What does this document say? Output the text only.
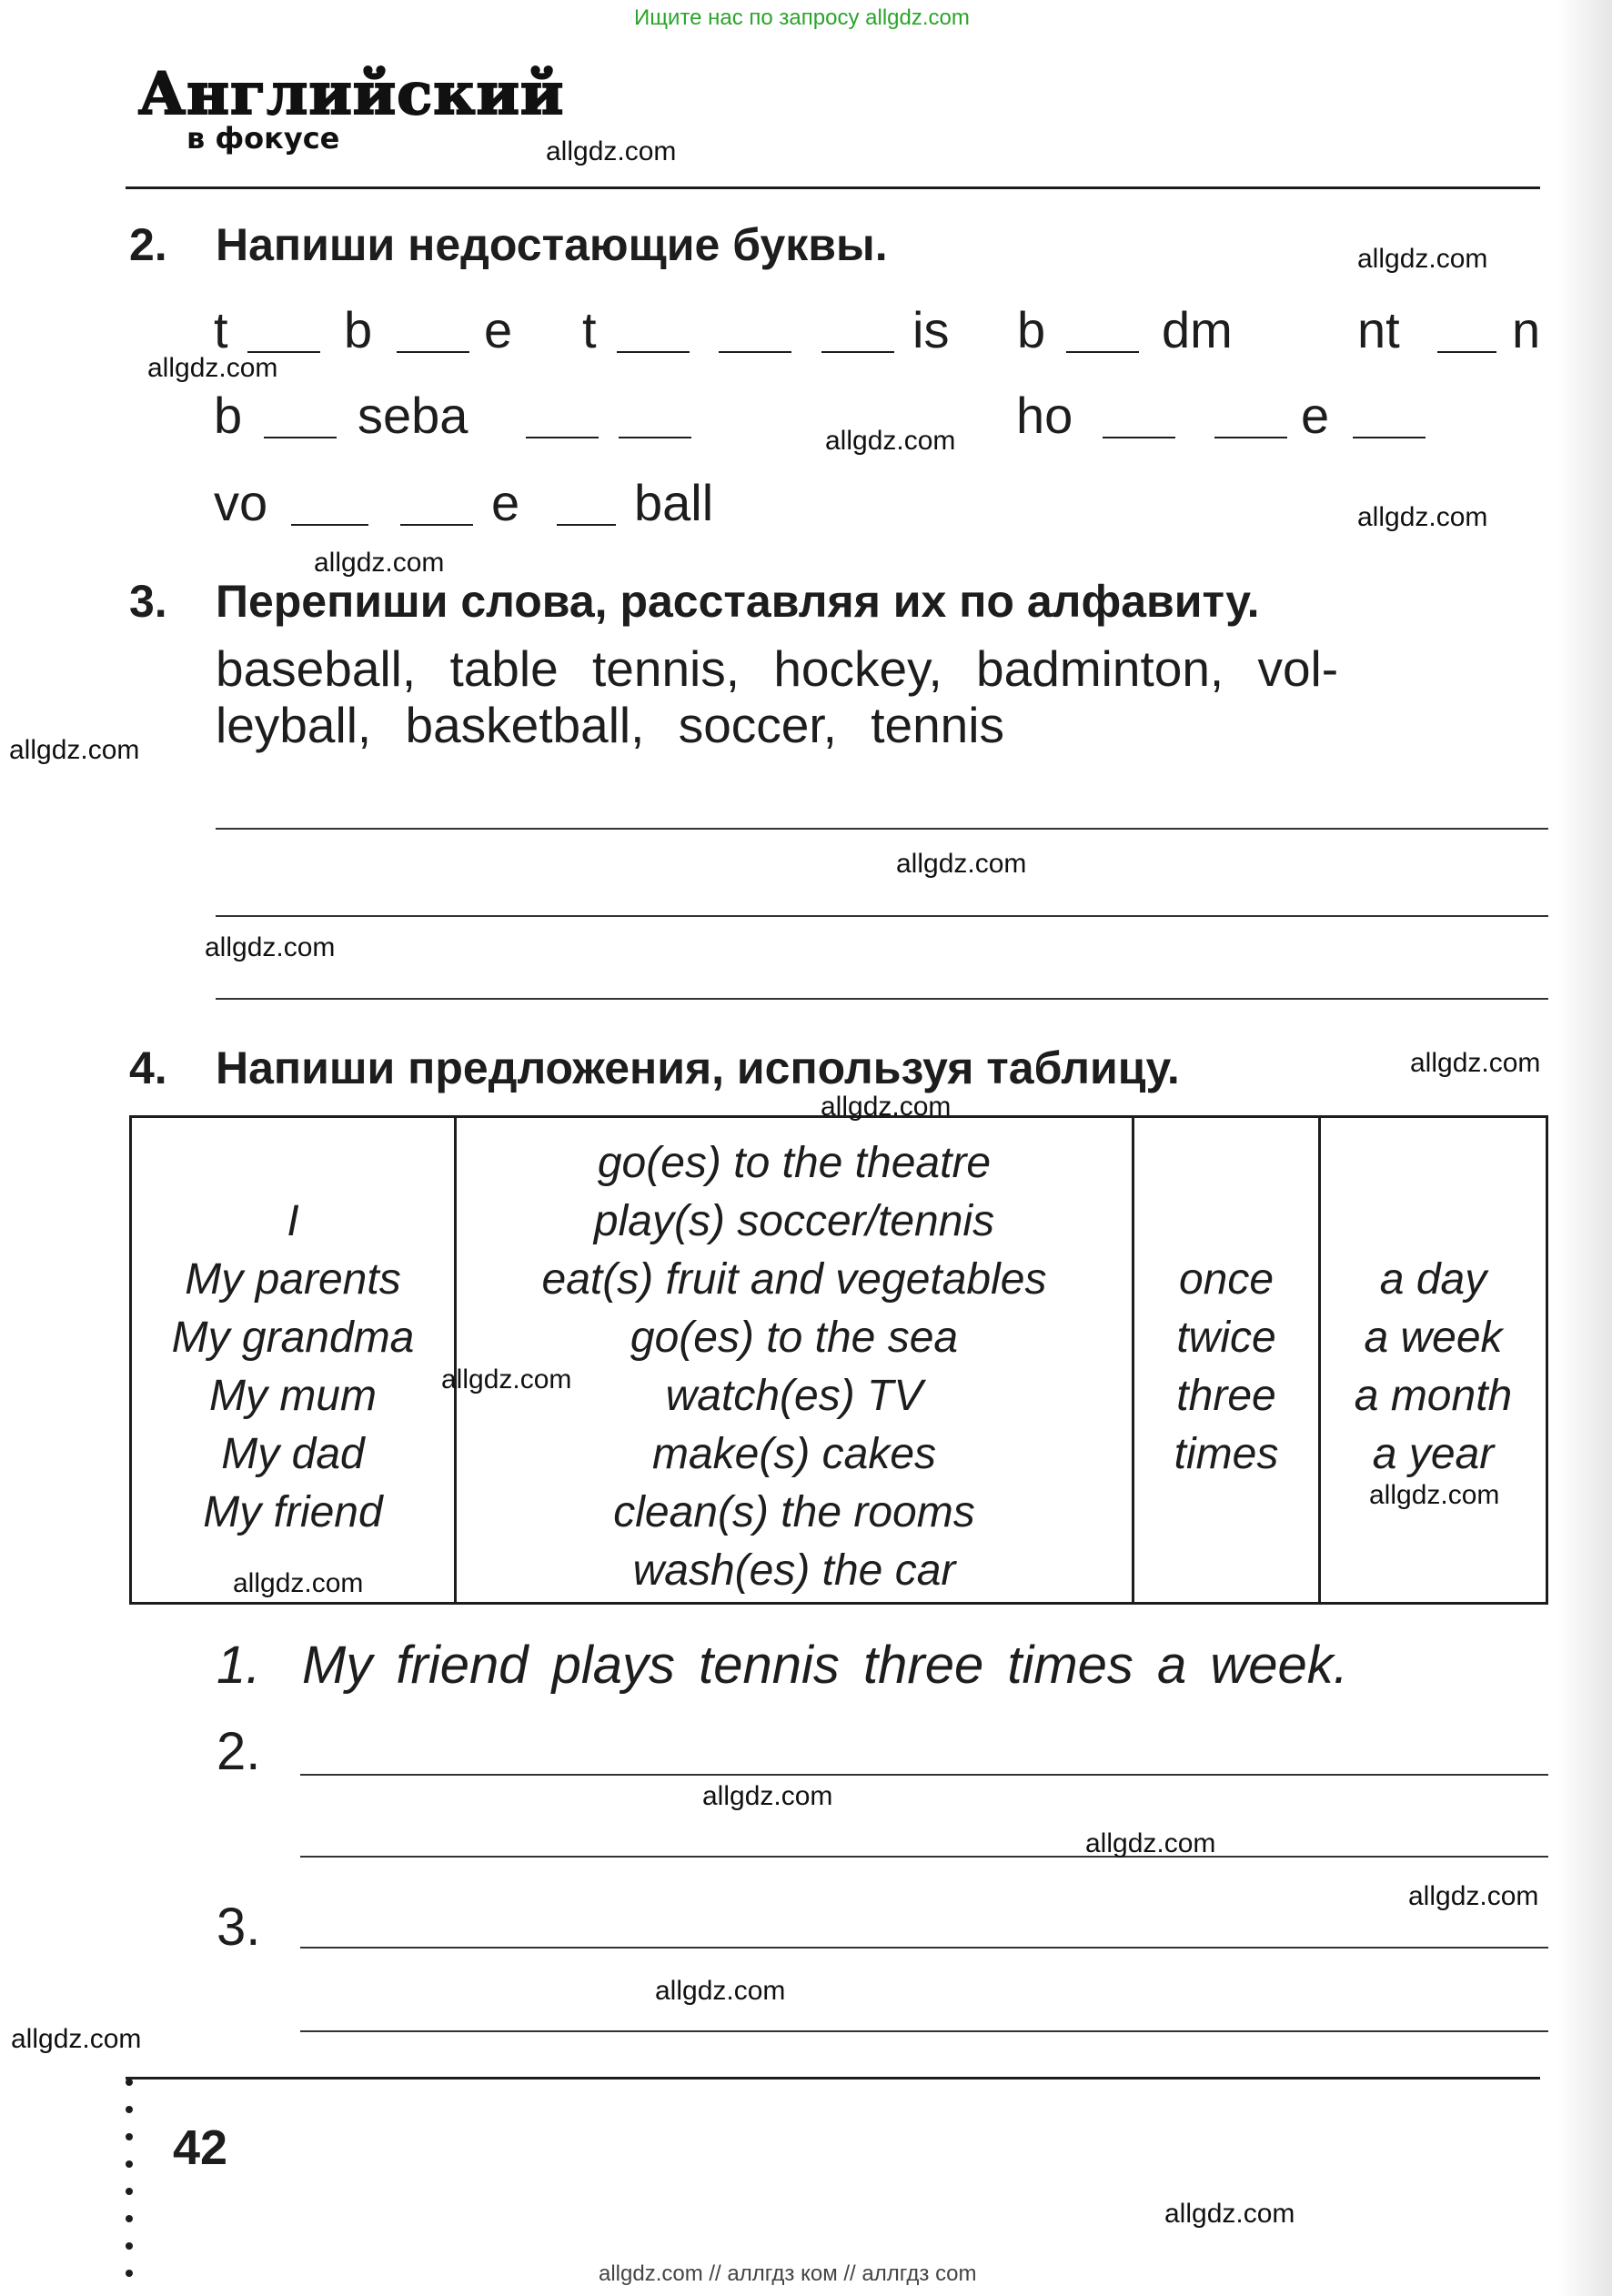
Ищите нас по запросу allgdz.com
Английский
в фокусе
2. Напиши недостающие буквы.
t b e t	is b dm nt n
b seba	ho	e
vo	e ball
3. Перепиши слова, расставляя их по алфавиту.
baseball, table tennis, hockey, badminton, vol-
leyball, basketball, soccer, tennis
4. Напиши предложения, используя таблицу.

I
My parents
My grandma
My mum
My dad
My friend

go(es) to the theatre
play(s) soccer/tennis
eat(s) fruit and vegetables
go(es) to the sea
watch(es) TV
make(s) cakes
clean(s) the rooms
wash(es) the car

once
twice
three
times

a day
a week
a month
a year
1. My friend plays tennis three times a week.
2.
3.
42
allgdz.com
allgdz.com
allgdz.com
allgdz.com
allgdz.com
allgdz.com
allgdz.com
allgdz.com
allgdz.com
allgdz.com
allgdz.com
allgdz.com
allgdz.com
allgdz.com
allgdz.com
allgdz.com
allgdz.com
allgdz.com
allgdz.com
allgdz.com
allgdz.com // аллгдз ком // аллгдз com
